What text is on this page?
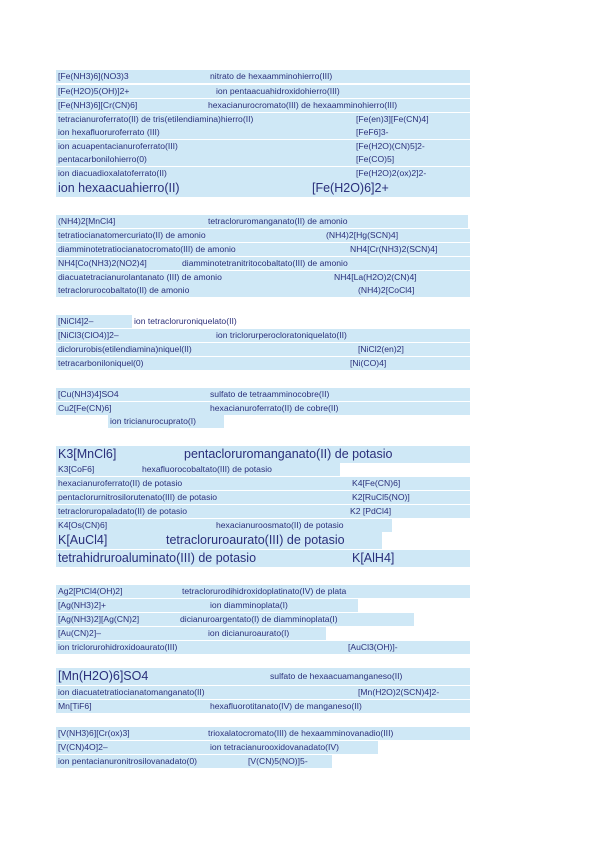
[Fe(NH3)6](NO3)3	nitrato de hexaamminohierro(III)
[Fe(H2O)5(OH)]2+	ion pentaacuahidroxidohierro(III)
[Fe(NH3)6][Cr(CN)6]	hexacianurocromato(III) de hexaamminohierro(III)
tetracianuroferrato(II) de tris(etilendiamina)hierro(II)	[Fe(en)3][Fe(CN)4]
ion hexafluoruroferrato (III)	[FeF6]3-
ion acuapentacianuroferrato(III)	[Fe(H2O)(CN)5]2-
pentacarbonilohierro(0)	[Fe(CO)5]
ion diacuadioxalatoferrato(II)	[Fe(H2O)2(ox)2]2-
ion hexaacuahierro(II)	[Fe(H2O)6]2+
(NH4)2[MnCl4]	tetracloruromanganato(II) de amonio
tetratiocianatomercuriato(II) de amonio	(NH4)2[Hg(SCN)4]
diamminotetratiocianatocromato(III) de amonio	NH4[Cr(NH3)2(SCN)4]
NH4[Co(NH3)2(NO2)4]	diamminotetranitritocobaltato(III) de amonio
diacuatetracianurolantanato (III) de amonio	NH4[La(H2O)2(CN)4]
tetraclorurocobaltato(II) de amonio	(NH4)2[CoCl4]
[NiCl4]2–	ion tetracloruroniquelato(II)
[NiCl3(ClO4)]2–	ion triclorurperocloratoniquelato(II)
diclorurobis(etilendiamina)niquel(II)	[NiCl2(en)2]
tetracarboniloniquel(0)	[Ni(CO)4]
[Cu(NH3)4]SO4	sulfato de tetraamminocobre(II)
Cu2[Fe(CN)6]	hexacianuroferrato(II) de cobre(II)
ion tricianurocuprato(I)
K3[MnCl6]	pentacloruromanganato(II) de potasio
K3[CoF6]	hexafluorocobaltato(III) de potasio
hexacianuroferrato(II) de potasio	K4[Fe(CN)6]
pentaclorurnitrosilorutenato(III) de potasio	K2[RuCl5(NO)]
tetracloruropaladato(II) de potasio	K2 [PdCl4]
K4[Os(CN)6]	hexacianuroosmato(II) de potasio
K[AuCl4]	tetracloruroaurato(III) de potasio
tetrahidruroaluminato(III) de potasio	K[AlH4]
Ag2[PtCl4(OH)2]	tetraclorurodihidroxidoplatinato(IV) de plata
[Ag(NH3)2]+	ion diamminoplata(I)
[Ag(NH3)2][Ag(CN)2]	dicianuroargentato(I) de diamminoplata(I)
[Au(CN)2]–	ion dicianuroaurato(I)
ion triclorurohidroxidoaurato(III)	[AuCl3(OH)]-
[Mn(H2O)6]SO4	sulfato de hexaacuamanganeso(II)
ion diacuatetratiocianatomanganato(II)	[Mn(H2O)2(SCN)4]2-
Mn[TiF6]	hexafluorotitanato(IV) de manganeso(II)
[V(NH3)6][Cr(ox)3]	trioxalatocromato(III) de hexaamminovanadio(III)
[V(CN)4O]2–	ion tetracianurooxidovanadato(IV)
ion pentacianuronitrosilovanadato(0)	[V(CN)5(NO)]5-
